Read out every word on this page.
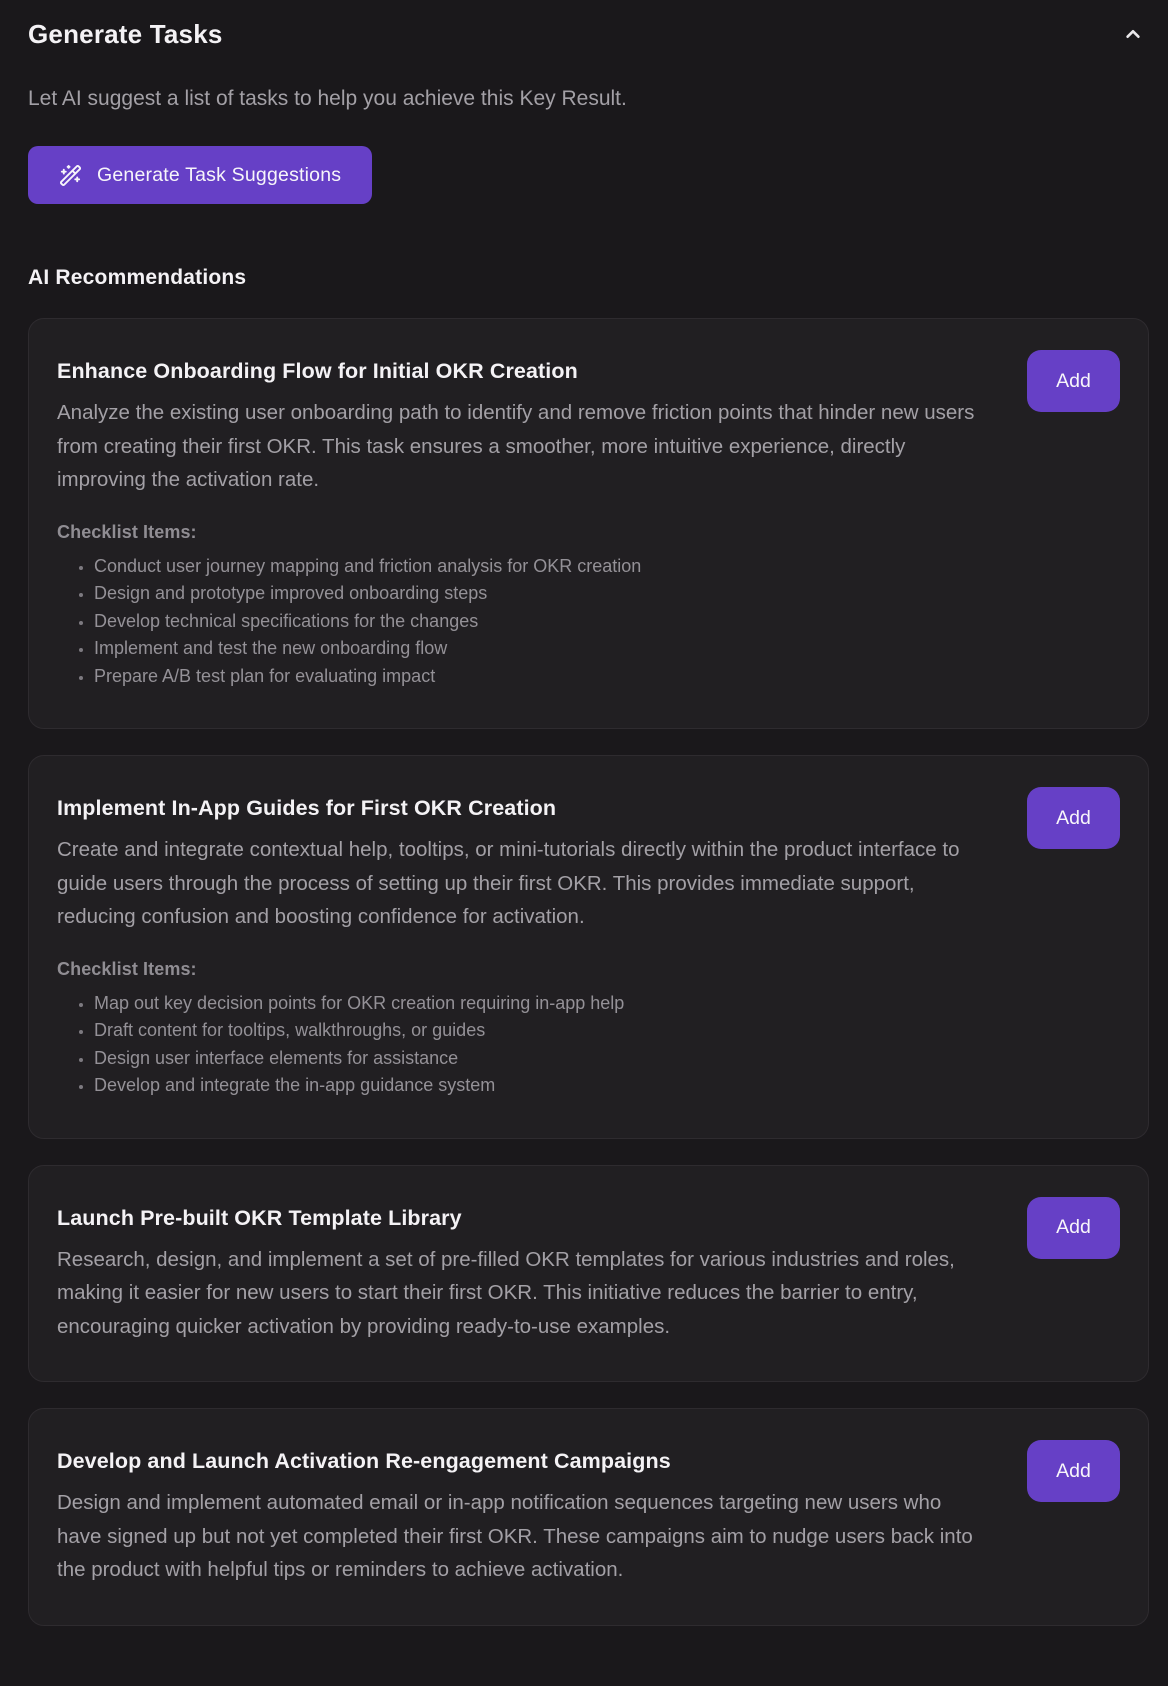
Generate Tasks
Let AI suggest a list of tasks to help you achieve this Key Result.
Generate Task Suggestions
AI Recommendations
Enhance Onboarding Flow for Initial OKR Creation
Analyze the existing user onboarding path to identify and remove friction points that hinder new users from creating their first OKR. This task ensures a smoother, more intuitive experience, directly improving the activation rate.
Checklist Items:
• Conduct user journey mapping and friction analysis for OKR creation
• Design and prototype improved onboarding steps
• Develop technical specifications for the changes
• Implement and test the new onboarding flow
• Prepare A/B test plan for evaluating impact
Add
Implement In-App Guides for First OKR Creation
Create and integrate contextual help, tooltips, or mini-tutorials directly within the product interface to guide users through the process of setting up their first OKR. This provides immediate support, reducing confusion and boosting confidence for activation.
Checklist Items:
• Map out key decision points for OKR creation requiring in-app help
• Draft content for tooltips, walkthroughs, or guides
• Design user interface elements for assistance
• Develop and integrate the in-app guidance system
Add
Launch Pre-built OKR Template Library
Research, design, and implement a set of pre-filled OKR templates for various industries and roles, making it easier for new users to start their first OKR. This initiative reduces the barrier to entry, encouraging quicker activation by providing ready-to-use examples.
Add
Develop and Launch Activation Re-engagement Campaigns
Design and implement automated email or in-app notification sequences targeting new users who have signed up but not yet completed their first OKR. These campaigns aim to nudge users back into the product with helpful tips or reminders to achieve activation.
Add
